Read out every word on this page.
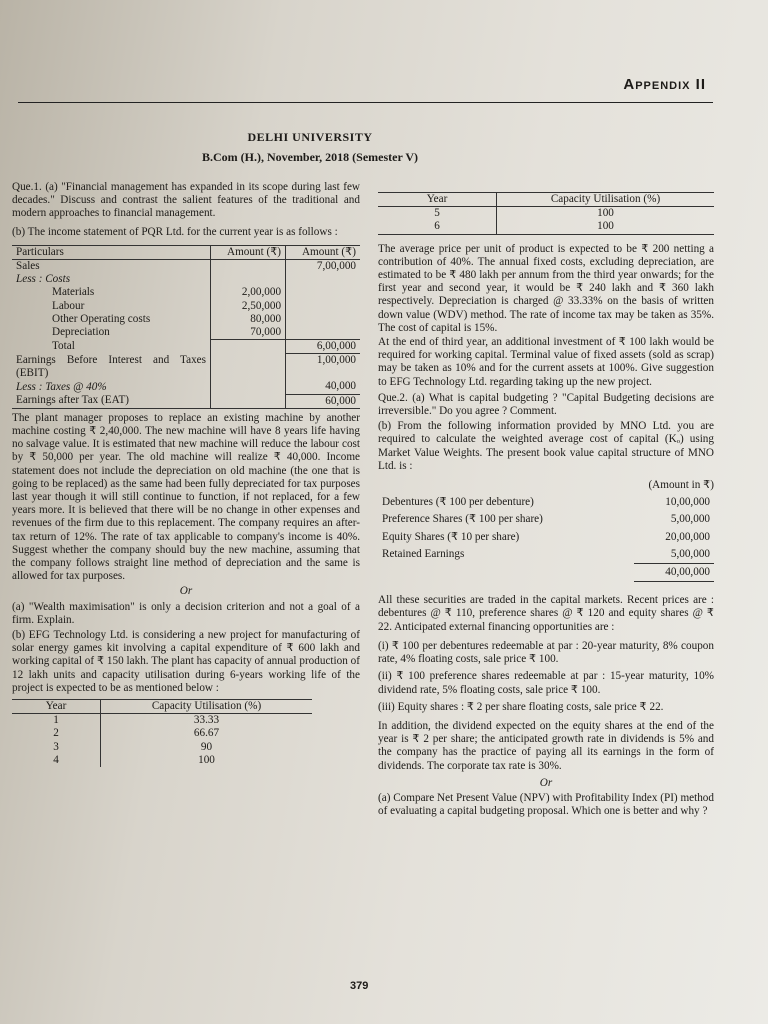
Appendix II
DELHI UNIVERSITY
B.Com (H.), November, 2018 (Semester V)

Que.1. (a) "Financial management has expanded in its scope during last few decades." Discuss and contrast the salient features of the traditional and modern approaches to financial management.

(b) The income statement of PQR Ltd. for the current year is as follows :

Particulars	Amount (₹)	Amount (₹)
Sales		7,00,000
Less : Costs		
Materials	2,00,000	
Labour	2,50,000	
Other Operating costs	80,000	
Depreciation	70,000	
Total		6,00,000
Earnings Before Interest and Taxes (EBIT)		1,00,000
Less : Taxes @ 40%		40,000
Earnings after Tax (EAT)		60,000

The plant manager proposes to replace an existing machine by another machine costing ₹ 2,40,000. The new machine will have 8 years life having no salvage value. It is estimated that new machine will reduce the labour cost by ₹ 50,000 per year. The old machine will realize ₹ 40,000. Income statement does not include the depreciation on old machine (the one that is going to be replaced) as the same had been fully depreciated for tax purposes last year though it will still continue to function, if not replaced, for a few years more. It is believed that there will be no change in other expenses and revenues of the firm due to this replacement. The company requires an after-tax return of 12%. The rate of tax applicable to company's income is 40%. Suggest whether the company should buy the new machine, assuming that the company follows straight line method of depreciation and the same is allowed for tax purposes.

Or

(a) "Wealth maximisation" is only a decision criterion and not a goal of a firm. Explain.

(b) EFG Technology Ltd. is considering a new project for manufacturing of solar energy games kit involving a capital expenditure of ₹ 600 lakh and working capital of ₹ 150 lakh. The plant has capacity of annual production of 12 lakh units and capacity utilisation during 6-years working life of the project is expected to be as mentioned below :

Year	Capacity Utilisation (%)
1	33.33
2	66.67
3	90
4	100
Year	Capacity Utilisation (%)
5	100
6	100

The average price per unit of product is expected to be ₹ 200 netting a contribution of 40%. The annual fixed costs, excluding depreciation, are estimated to be ₹ 480 lakh per annum from the third year onwards; for the first year and second year, it would be ₹ 240 lakh and ₹ 360 lakh respectively. Depreciation is charged @ 33.33% on the basis of written down value (WDV) method. The rate of income tax may be taken as 35%. The cost of capital is 15%.

At the end of third year, an additional investment of ₹ 100 lakh would be required for working capital. Terminal value of fixed assets (sold as scrap) may be taken as 10% and for the current assets at 100%. Give suggestion to EFG Technology Ltd. regarding taking up the new project.

Que.2. (a) What is capital budgeting ? "Capital Budgeting decisions are irreversible." Do you agree ? Comment.

(b) From the following information provided by MNO Ltd. you are required to calculate the weighted average cost of capital (Kₒ) using Market Value Weights. The present book value capital structure of MNO Ltd. is :

(Amount in ₹)
Debentures (₹ 100 per debenture)	10,00,000
Preference Shares (₹ 100 per share)	5,00,000
Equity Shares (₹ 10 per share)	20,00,000
Retained Earnings	5,00,000
	40,00,000

All these securities are traded in the capital markets. Recent prices are : debentures @ ₹ 110, preference shares @ ₹ 120 and equity shares @ ₹ 22. Anticipated external financing opportunities are :

(i) ₹ 100 per debentures redeemable at par : 20-year maturity, 8% coupon rate, 4% floating costs, sale price ₹ 100.

(ii) ₹ 100 preference shares redeemable at par : 15-year maturity, 10% dividend rate, 5% floating costs, sale price ₹ 100.

(iii) Equity shares : ₹ 2 per share floating costs, sale price ₹ 22.

In addition, the dividend expected on the equity shares at the end of the year is ₹ 2 per share; the anticipated growth rate in dividends is 5% and the company has the practice of paying all its earnings in the form of dividends. The corporate tax rate is 30%.

Or

(a) Compare Net Present Value (NPV) with Profitability Index (PI) method of evaluating a capital budgeting proposal. Which one is better and why ?

379
